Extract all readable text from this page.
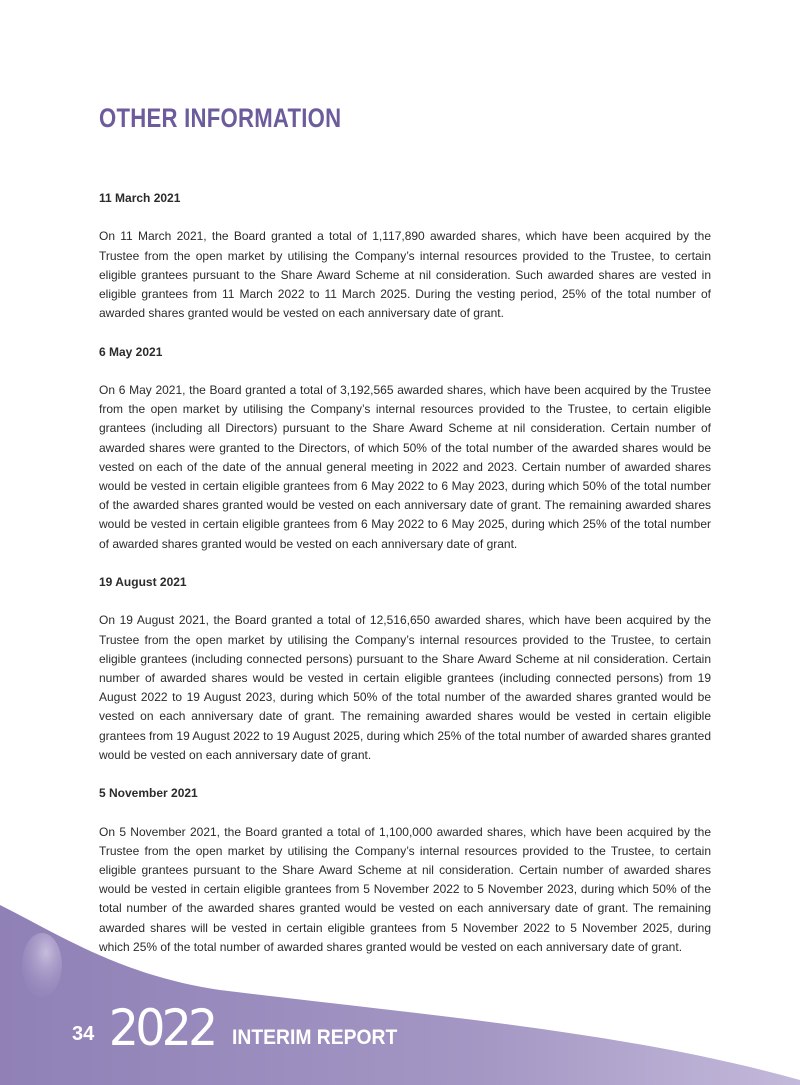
OTHER INFORMATION
11 March 2021

On 11 March 2021, the Board granted a total of 1,117,890 awarded shares, which have been acquired by the Trustee from the open market by utilising the Company’s internal resources provided to the Trustee, to certain eligible grantees pursuant to the Share Award Scheme at nil consideration. Such awarded shares are vested in eligible grantees from 11 March 2022 to 11 March 2025. During the vesting period, 25% of the total number of awarded shares granted would be vested on each anniversary date of grant.

6 May 2021

On 6 May 2021, the Board granted a total of 3,192,565 awarded shares, which have been acquired by the Trustee from the open market by utilising the Company’s internal resources provided to the Trustee, to certain eligible grantees (including all Directors) pursuant to the Share Award Scheme at nil consideration. Certain number of awarded shares were granted to the Directors, of which 50% of the total number of the awarded shares would be vested on each of the date of the annual general meeting in 2022 and 2023. Certain number of awarded shares would be vested in certain eligible grantees from 6 May 2022 to 6 May 2023, during which 50% of the total number of the awarded shares granted would be vested on each anniversary date of grant. The remaining awarded shares would be vested in certain eligible grantees from 6 May 2022 to 6 May 2025, during which 25% of the total number of awarded shares granted would be vested on each anniversary date of grant.

19 August 2021

On 19 August 2021, the Board granted a total of 12,516,650 awarded shares, which have been acquired by the Trustee from the open market by utilising the Company’s internal resources provided to the Trustee, to certain eligible grantees (including connected persons) pursuant to the Share Award Scheme at nil consideration. Certain number of awarded shares would be vested in certain eligible grantees (including connected persons) from 19 August 2022 to 19 August 2023, during which 50% of the total number of the awarded shares granted would be vested on each anniversary date of grant. The remaining awarded shares would be vested in certain eligible grantees from 19 August 2022 to 19 August 2025, during which 25% of the total number of awarded shares granted would be vested on each anniversary date of grant.

5 November 2021

On 5 November 2021, the Board granted a total of 1,100,000 awarded shares, which have been acquired by the Trustee from the open market by utilising the Company’s internal resources provided to the Trustee, to certain eligible grantees pursuant to the Share Award Scheme at nil consideration. Certain number of awarded shares would be vested in certain eligible grantees from 5 November 2022 to 5 November 2023, during which 50% of the total number of the awarded shares granted would be vested on each anniversary date of grant. The remaining awarded shares will be vested in certain eligible grantees from 5 November 2022 to 5 November 2025, during which 25% of the total number of awarded shares granted would be vested on each anniversary date of grant.

34 2022 INTERIM REPORT
